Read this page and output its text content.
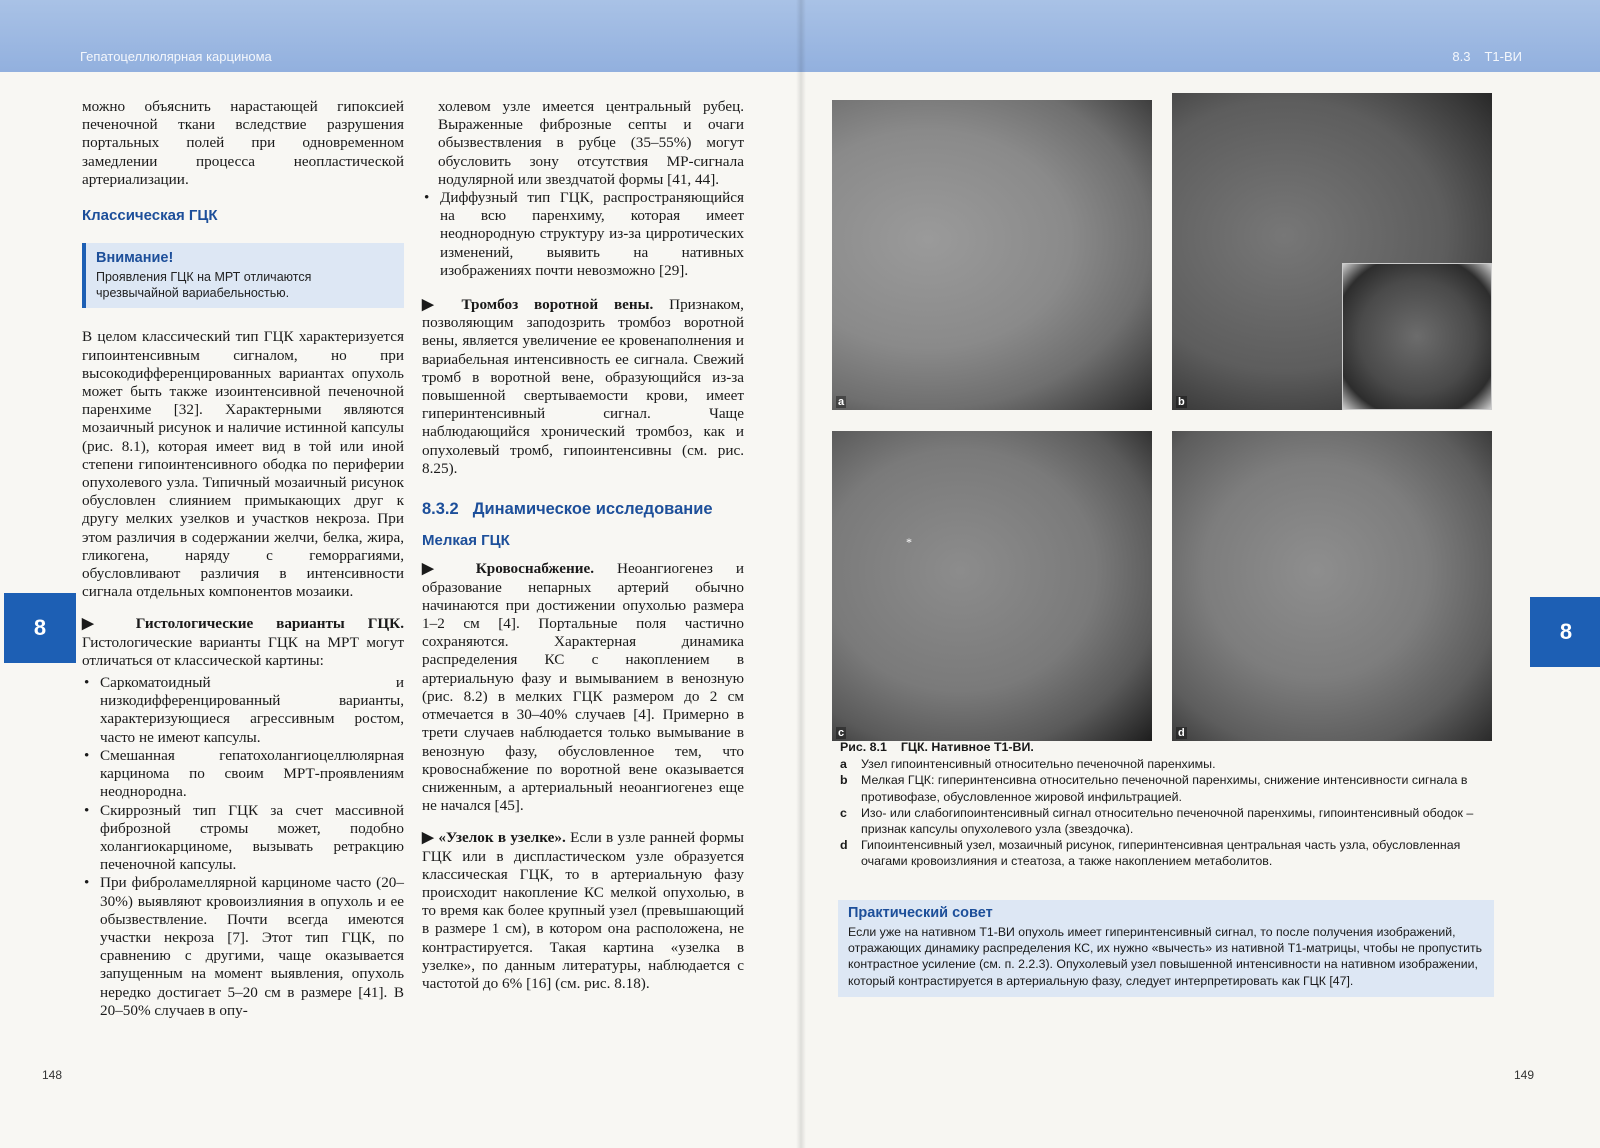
Гепатоцеллюлярная карцинома
8

можно объяснить нарастающей гипоксией печеночной ткани вследствие разрушения портальных полей при одновременном замедлении процесса неопластической артериализации.

Классическая ГЦК
Внимание!
Проявления ГЦК на МРТ отличаются чрезвычайной вариабельностью.

В целом классический тип ГЦК характеризуется гипоинтенсивным сигналом, но при высокодифференцированных вариантах опухоль может быть также изоинтенсивной печеночной паренхиме [32]. Характерными являются мозаичный рисунок и наличие истинной капсулы (рис. 8.1), которая имеет вид в той или иной степени гипоинтенсивного ободка по периферии опухолевого узла. Типичный мозаичный рисунок обусловлен слиянием примыкающих друг к другу мелких узелков и участков некроза. При этом различия в содержании желчи, белка, жира, гликогена, наряду с геморрагиями, обусловливают различия в интенсивности сигнала отдельных компонентов мозаики.

▶ Гистологические варианты ГЦК. Гистологические варианты ГЦК на МРТ могут отличаться от классической картины:

• Саркоматоидный и низкодифференцированный варианты, характеризующиеся агрессивным ростом, часто не имеют капсулы.
• Смешанная гепатохолангиоцеллюлярная карцинома по своим МРТ-проявлениям неоднородна.
• Скиррозный тип ГЦК за счет массивной фиброзной стромы может, подобно холангиокарциноме, вызывать ретракцию печеночной капсулы.
• При фиброламеллярной карциноме часто (20–30%) выявляют кровоизлияния в опухоль и ее обызвествление. Почти всегда имеются участки некроза [7]. Этот тип ГЦК, по сравнению с другими, чаще оказывается запущенным на момент выявления, опухоль нередко достигает 5–20 см в размере [41]. В 20–50% случаев в опу-

холевом узле имеется центральный рубец. Выраженные фиброзные септы и очаги обызвествления в рубце (35–55%) могут обусловить зону отсутствия МР-сигнала нодулярной или звездчатой формы [41, 44].

• Диффузный тип ГЦК, распространяющийся на всю паренхиму, которая имеет неоднородную структуру из-за цирротических изменений, выявить на нативных изображениях почти невозможно [29].

▶ Тромбоз воротной вены. Признаком, позволяющим заподозрить тромбоз воротной вены, является увеличение ее кровенаполнения и вариабельная интенсивность ее сигнала. Свежий тромб в воротной вене, образующийся из-за повышенной свертываемости крови, имеет гиперинтенсивный сигнал. Чаще наблюдающийся хронический тромбоз, как и опухолевый тромб, гипоинтенсивны (см. рис. 8.25).

8.3.2 Динамическое исследование
Мелкая ГЦК

▶ Кровоснабжение. Неоангиогенез и образование непарных артерий обычно начинаются при достижении опухолью размера 1–2 см [4]. Портальные поля частично сохраняются. Характерная динамика распределения КС с накоплением в артериальную фазу и вымыванием в венозную (рис. 8.2) в мелких ГЦК размером до 2 см отмечается в 30–40% случаев [4]. Примерно в трети случаев наблюдается только вымывание в венозную фазу, обусловленное тем, что кровоснабжение по воротной вене оказывается сниженным, а артериальный неоангиогенез еще не начался [45].

▶ «Узелок в узелке». Если в узле ранней формы ГЦК или в диспластическом узле образуется классическая ГЦК, то в артериальную фазу происходит накопление КС мелкой опухолью, в то время как более крупный узел (превышающий в размере 1 см), в котором она расположена, не контрастируется. Такая картина «узелка в узелке», по данным литературы, наблюдается с частотой до 6% [16] (см. рис. 8.18).

148
8.3 T1-ВИ
8
a	b
*
c	d
Рис. 8.1 ГЦК. Нативное T1-ВИ.
a	Узел гипоинтенсивный относительно печеночной паренхимы.
b	Мелкая ГЦК: гиперинтенсивна относительно печеночной паренхимы, снижение интенсивности сигнала в противофазе, обусловленное жировой инфильтрацией.
c	Изо- или слабогипоинтенсивный сигнал относительно печеночной паренхимы, гипоинтенсивный ободок – признак капсулы опухолевого узла (звездочка).
d	Гипоинтенсивный узел, мозаичный рисунок, гиперинтенсивная центральная часть узла, обусловленная очагами кровоизлияния и стеатоза, а также накоплением метаболитов.
Практический совет
Если уже на нативном T1-ВИ опухоль имеет гиперинтенсивный сигнал, то после получения изображений, отражающих динамику распределения КС, их нужно «вычесть» из нативной T1-матрицы, чтобы не пропустить контрастное усиление (см. п. 2.2.3). Опухолевый узел повышенной интенсивности на нативном изображении, который контрастируется в артериальную фазу, следует интерпретировать как ГЦК [47].
149
